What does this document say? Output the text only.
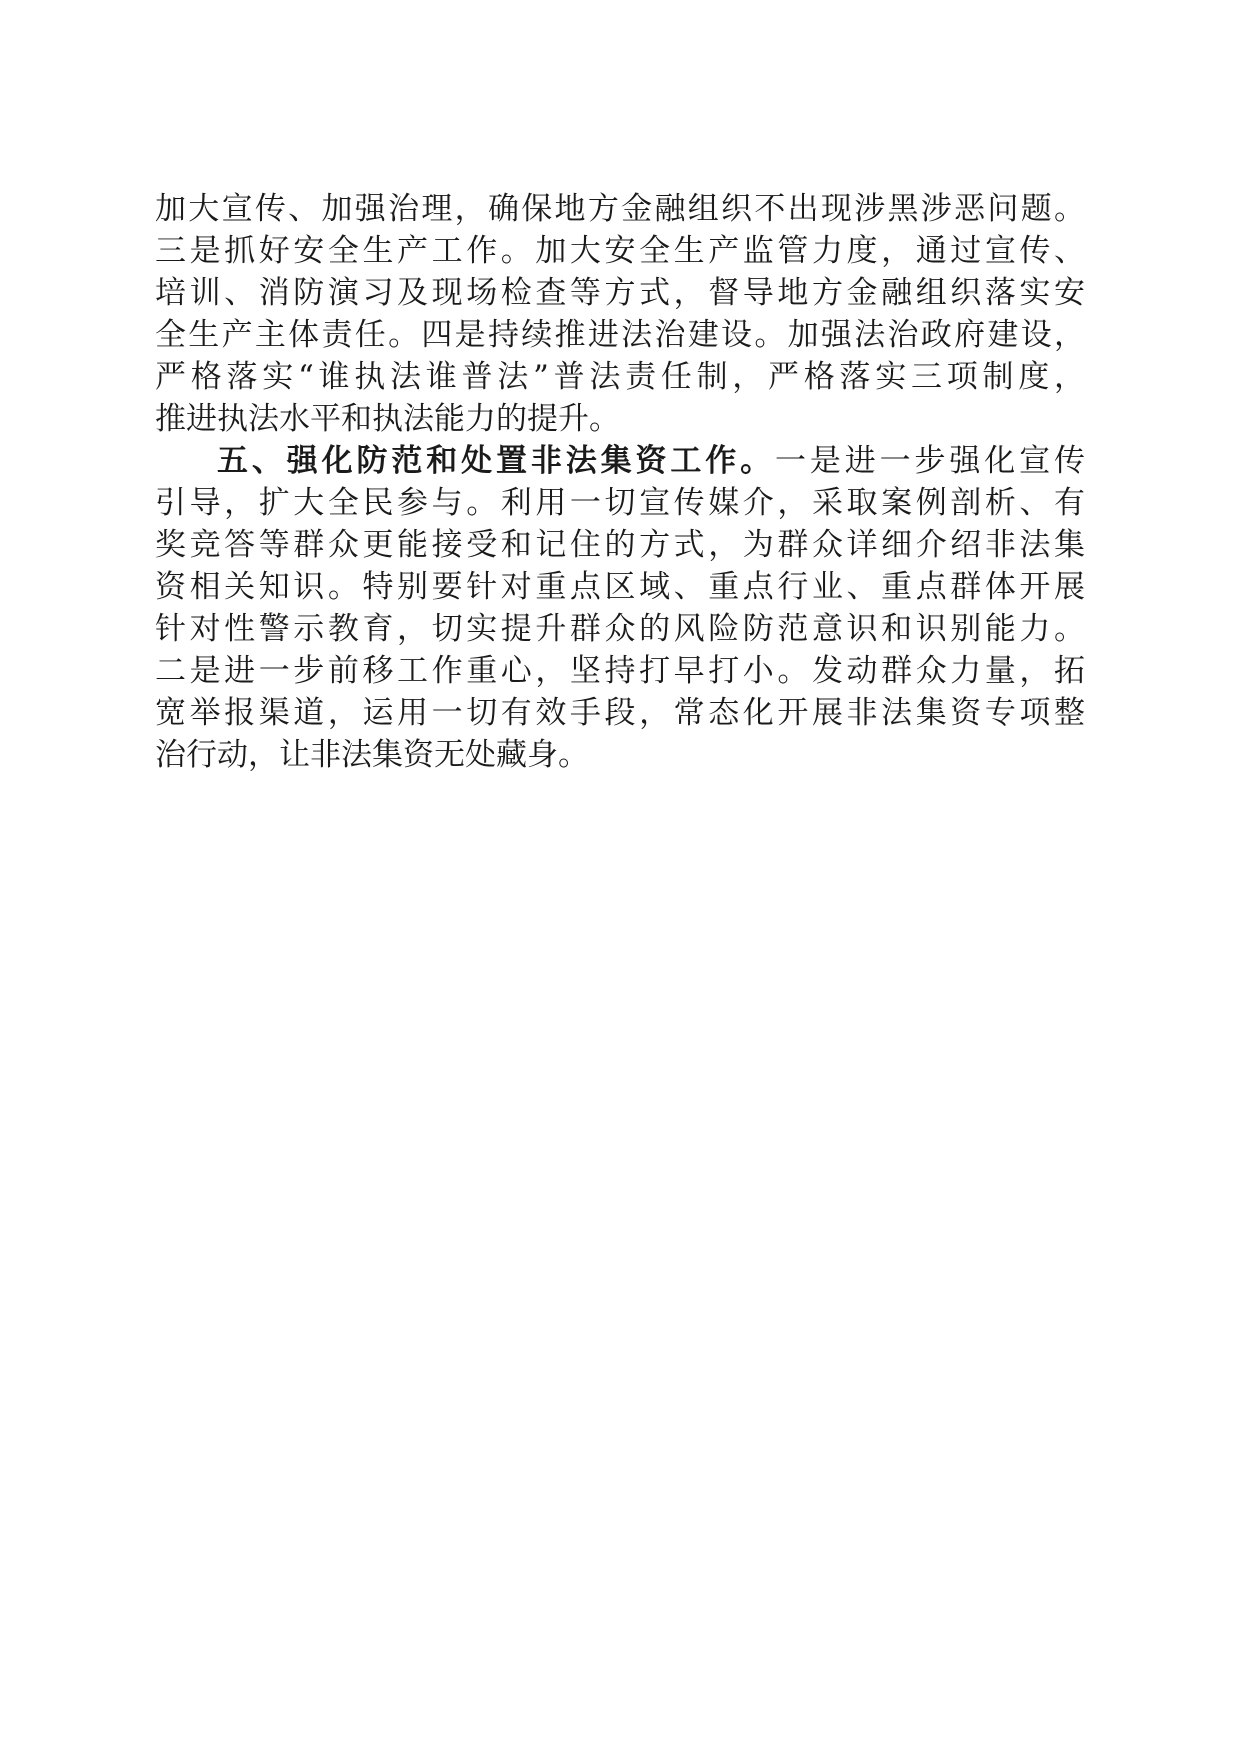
加大宣传、加强治理，确保地方金融组织不出现涉黑涉恶问题。
三是抓好安全生产工作。加大安全生产监管力度，通过宣传、
培训、消防演习及现场检查等方式，督导地方金融组织落实安
全生产主体责任。四是持续推进法治建设。加强法治政府建设，
严格落实“谁执法谁普法”普法责任制，严格落实三项制度，
推进执法水平和执法能力的提升。
五、强化防范和处置非法集资工作。一是进一步强化宣传
引导，扩大全民参与。利用一切宣传媒介，采取案例剖析、有
奖竞答等群众更能接受和记住的方式，为群众详细介绍非法集
资相关知识。特别要针对重点区域、重点行业、重点群体开展
针对性警示教育，切实提升群众的风险防范意识和识别能力。
二是进一步前移工作重心，坚持打早打小。发动群众力量，拓
宽举报渠道，运用一切有效手段，常态化开展非法集资专项整
治行动，让非法集资无处藏身。
